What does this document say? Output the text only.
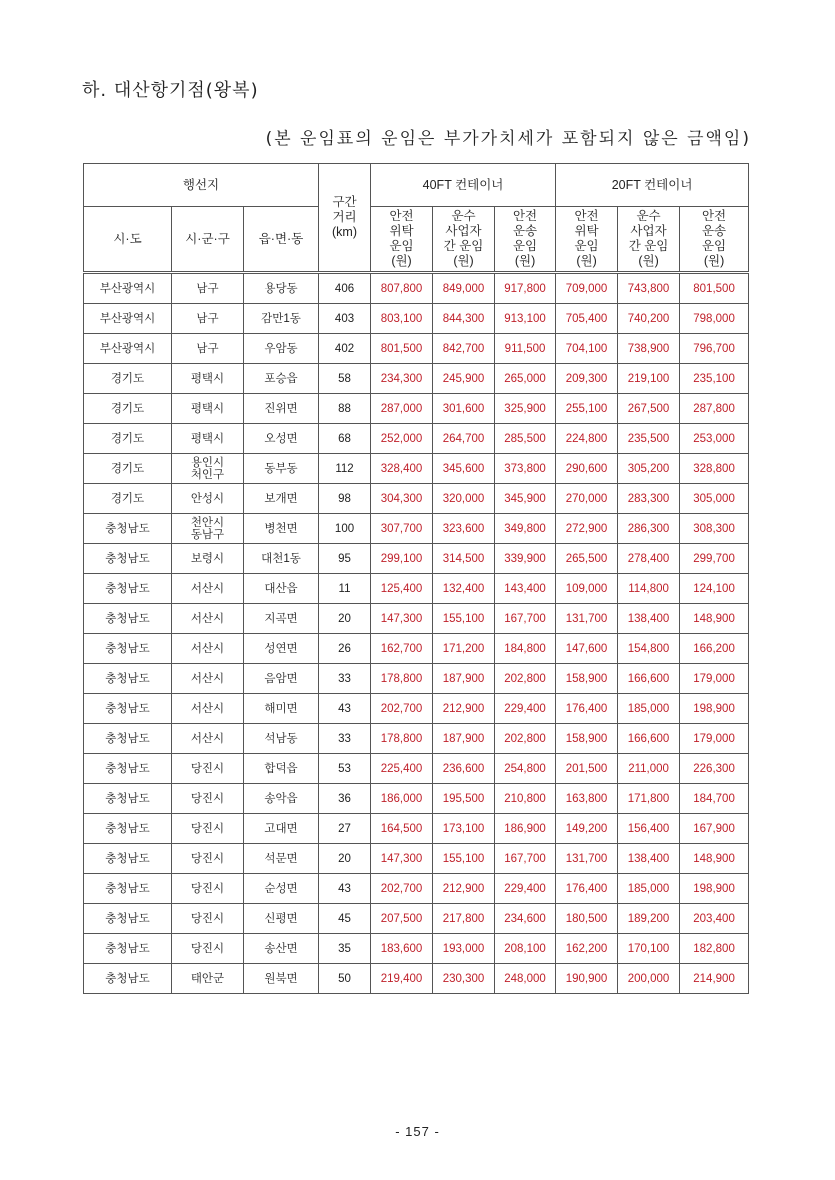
하. 대산항기점(왕복)
(본 운임표의 운임은 부가가치세가 포함되지 않은 금액임)
행선지			구간
거리
(km)	40FT 컨테이너			20FT 컨테이너		
시·도	시·군·구	읍·면·동		안전
위탁
운임
(원)	운수
사업자
간 운임
(원)	안전
운송
운임
(원)	안전
위탁
운임
(원)	운수
사업자
간 운임
(원)	안전
운송
운임
(원)
부산광역시	남구	용당동	406	807,800	849,000	917,800	709,000	743,800	801,500
부산광역시	남구	감만1동	403	803,100	844,300	913,100	705,400	740,200	798,000
부산광역시	남구	우암동	402	801,500	842,700	911,500	704,100	738,900	796,700
경기도	평택시	포승읍	58	234,300	245,900	265,000	209,300	219,100	235,100
경기도	평택시	진위면	88	287,000	301,600	325,900	255,100	267,500	287,800
경기도	평택시	오성면	68	252,000	264,700	285,500	224,800	235,500	253,000
경기도	용인시
처인구	동부동	112	328,400	345,600	373,800	290,600	305,200	328,800
경기도	안성시	보개면	98	304,300	320,000	345,900	270,000	283,300	305,000
충청남도	천안시
동남구	병천면	100	307,700	323,600	349,800	272,900	286,300	308,300
충청남도	보령시	대천1동	95	299,100	314,500	339,900	265,500	278,400	299,700
충청남도	서산시	대산읍	11	125,400	132,400	143,400	109,000	114,800	124,100
충청남도	서산시	지곡면	20	147,300	155,100	167,700	131,700	138,400	148,900
충청남도	서산시	성연면	26	162,700	171,200	184,800	147,600	154,800	166,200
충청남도	서산시	음암면	33	178,800	187,900	202,800	158,900	166,600	179,000
충청남도	서산시	해미면	43	202,700	212,900	229,400	176,400	185,000	198,900
충청남도	서산시	석남동	33	178,800	187,900	202,800	158,900	166,600	179,000
충청남도	당진시	합덕읍	53	225,400	236,600	254,800	201,500	211,000	226,300
충청남도	당진시	송악읍	36	186,000	195,500	210,800	163,800	171,800	184,700
충청남도	당진시	고대면	27	164,500	173,100	186,900	149,200	156,400	167,900
충청남도	당진시	석문면	20	147,300	155,100	167,700	131,700	138,400	148,900
충청남도	당진시	순성면	43	202,700	212,900	229,400	176,400	185,000	198,900
충청남도	당진시	신평면	45	207,500	217,800	234,600	180,500	189,200	203,400
충청남도	당진시	송산면	35	183,600	193,000	208,100	162,200	170,100	182,800
충청남도	태안군	원북면	50	219,400	230,300	248,000	190,900	200,000	214,900
- 157 -
